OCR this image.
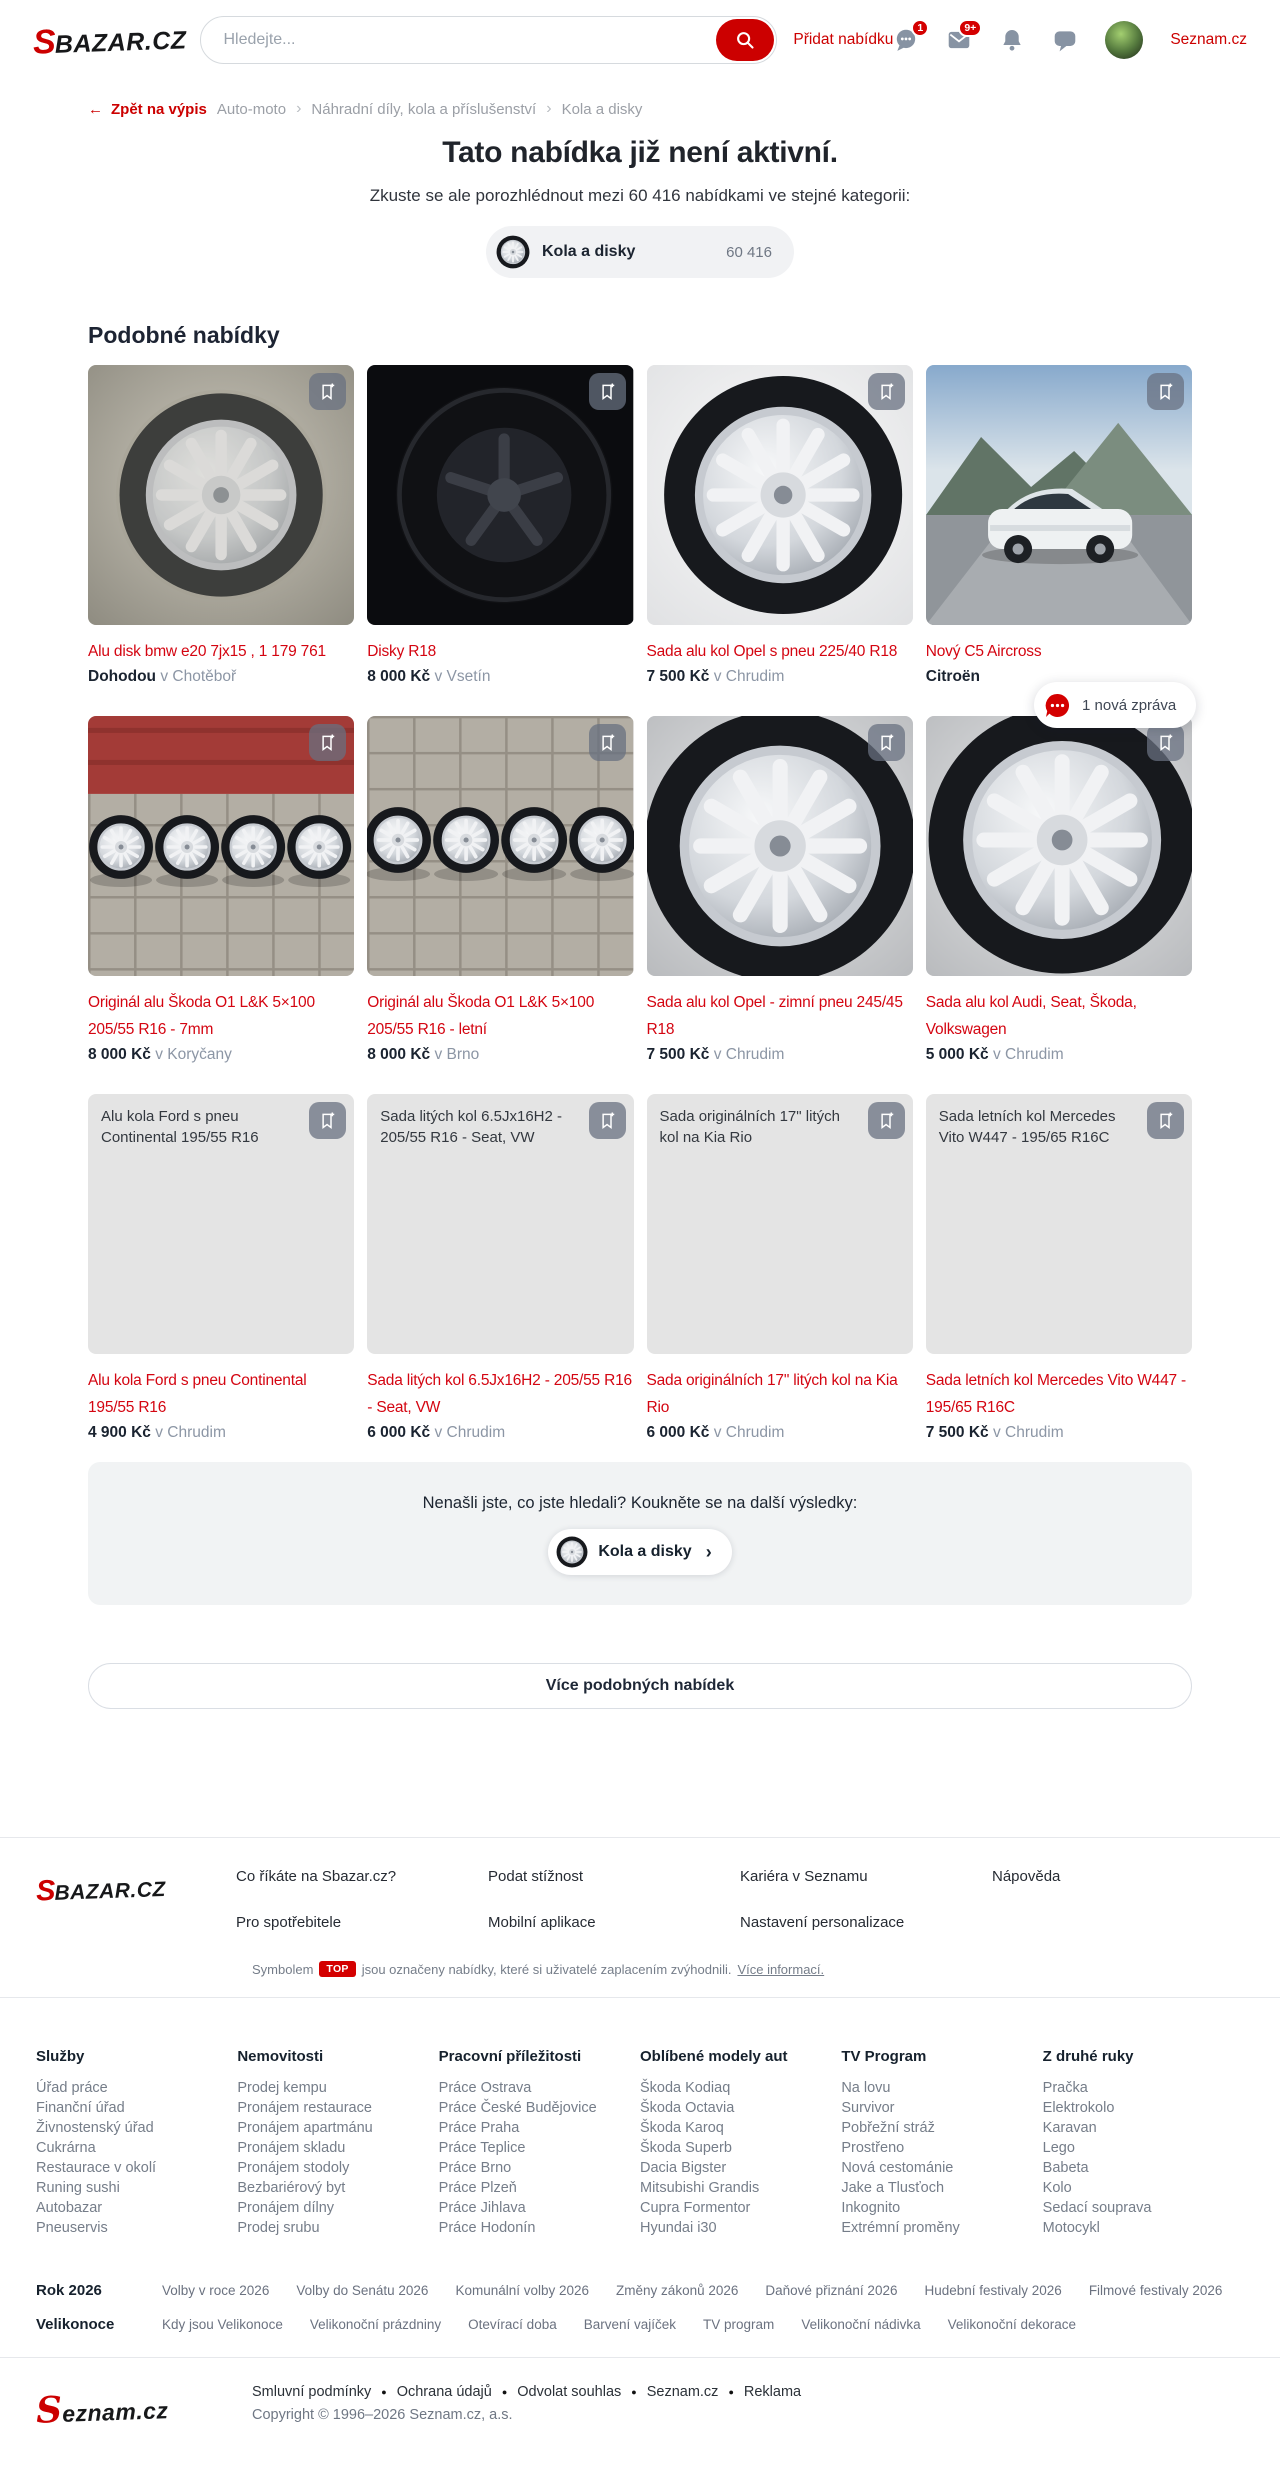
S
BAZAR.CZ
Hledejte...	Přidat nabídku
1	9+
Seznam.cz
← Zpět na výpis Auto-moto › Náhradní díly, kola a příslušenství › Kola a disky
Tato nabídka již není aktivní.

Zkuste se ale porozhlédnout mezi 60 416 nabídkami ve stejné kategorii:

Kola a disky	60 416
Podobné nabídky
Alu disk bmw e20 7jx15 , 1 179 761

Dohodou v Chotěboř

Disky R18

8 000 Kč v Vsetín

Sada alu kol Opel s pneu 225/40 R18

7 500 Kč v Chrudim

Nový C5 Aircross

Citroën

Originál alu Škoda O1 L&K 5×100 205/55 R16 - 7mm

8 000 Kč v Koryčany

Originál alu Škoda O1 L&K 5×100 205/55 R16 - letní

8 000 Kč v Brno

Sada alu kol Opel - zimní pneu 245/45 R18

7 500 Kč v Chrudim

Sada alu kol Audi, Seat, Škoda, Volkswagen

5 000 Kč v Chrudim

Alu kola Ford s pneu Continental 195/55 R16
Alu kola Ford s pneu Continental 195/55 R16

4 900 Kč v Chrudim

Sada litých kol 6.5Jx16H2 - 205/55 R16 - Seat, VW
Sada litých kol 6.5Jx16H2 - 205/55 R16 - Seat, VW

6 000 Kč v Chrudim

Sada originálních 17" litých kol na Kia Rio
Sada originálních 17" litých kol na Kia Rio

6 000 Kč v Chrudim

Sada letních kol Mercedes Vito W447 - 195/65 R16C
Sada letních kol Mercedes Vito W447 - 195/65 R16C

7 500 Kč v Chrudim

1 nová zpráva

Nenašli jste, co jste hledali? Koukněte se na další výsledky:

Kola a disky ›
Více podobných nabídek
S BAZAR.CZ
Co říkáte na Sbazar.cz?	Podat stížnost	Kariéra v Seznamu	Nápověda
Pro spotřebitele	Mobilní aplikace	Nastavení personalizace

Symbolem	TOP	jsou označeny nabídky, které si uživatelé zaplacením zvýhodnili. Více informací.

Služby
Úřad práce
Finanční úřad
Živnostenský úřad
Cukrárna
Restaurace v okolí
Runing sushi
Autobazar
Pneuservis
Nemovitosti
Prodej kempu
Pronájem restaurace
Pronájem apartmánu
Pronájem skladu
Pronájem stodoly
Bezbariérový byt
Pronájem dílny
Prodej srubu
Pracovní příležitosti
Práce Ostrava
Práce České Budějovice
Práce Praha
Práce Teplice
Práce Brno
Práce Plzeň
Práce Jihlava
Práce Hodonín
Oblíbené modely aut
Škoda Kodiaq
Škoda Octavia
Škoda Karoq
Škoda Superb
Dacia Bigster
Mitsubishi Grandis
Cupra Formentor
Hyundai i30
TV Program
Na lovu
Survivor
Pobřežní stráž
Prostřeno
Nová cestománie
Jake a Tlusťoch
Inkognito
Extrémní proměny
Z druhé ruky
Pračka
Elektrokolo
Karavan
Lego
Babeta
Kolo
Sedací souprava
Motocykl
Rok 2026	Volby v roce 2026 Volby do Senátu 2026 Komunální volby 2026 Změny zákonů 2026 Daňové přiznání 2026 Hudební festivaly 2026 Filmové festivaly 2026
Velikonoce	Kdy jsou Velikonoce Velikonoční prázdniny Otevírací doba Barvení vajíček TV program Velikonoční nádivka Velikonoční dekorace
S
eznam.cz
Smluvní podmínky ● Ochrana údajů ● Odvolat souhlas ● Seznam.cz ● Reklama

Copyright © 1996–2026 Seznam.cz, a.s.
